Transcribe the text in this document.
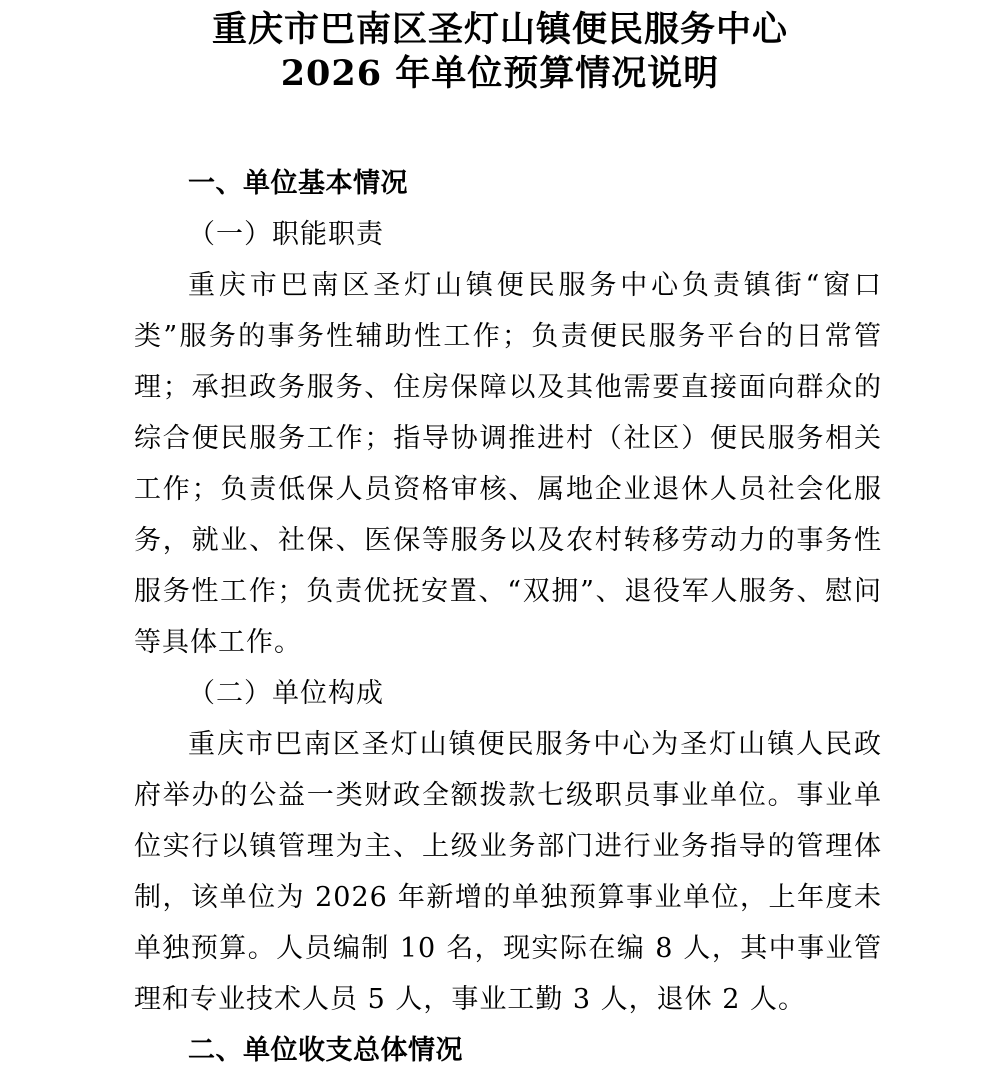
重庆市巴南区圣灯山镇便民服务中心
2026 年单位预算情况说明
一、单位基本情况
（一）职能职责

重庆市巴南区圣灯山镇便民服务中心负责镇街“窗口类”服务的事务性辅助性工作；负责便民服务平台的日常管理；承担政务服务、住房保障以及其他需要直接面向群众的综合便民服务工作；指导协调推进村（社区）便民服务相关工作；负责低保人员资格审核、属地企业退休人员社会化服务，就业、社保、医保等服务以及农村转移劳动力的事务性服务性工作；负责优抚安置、“双拥”、退役军人服务、慰问等具体工作。

（二）单位构成

重庆市巴南区圣灯山镇便民服务中心为圣灯山镇人民政府举办的公益一类财政全额拨款七级职员事业单位。事业单位实行以镇管理为主、上级业务部门进行业务指导的管理体制，该单位为 2026 年新增的单独预算事业单位，上年度未单独预算。人员编制 10 名，现实际在编 8 人，其中事业管理和专业技术人员 5 人，事业工勤 3 人，退休 2 人。

二、单位收支总体情况
